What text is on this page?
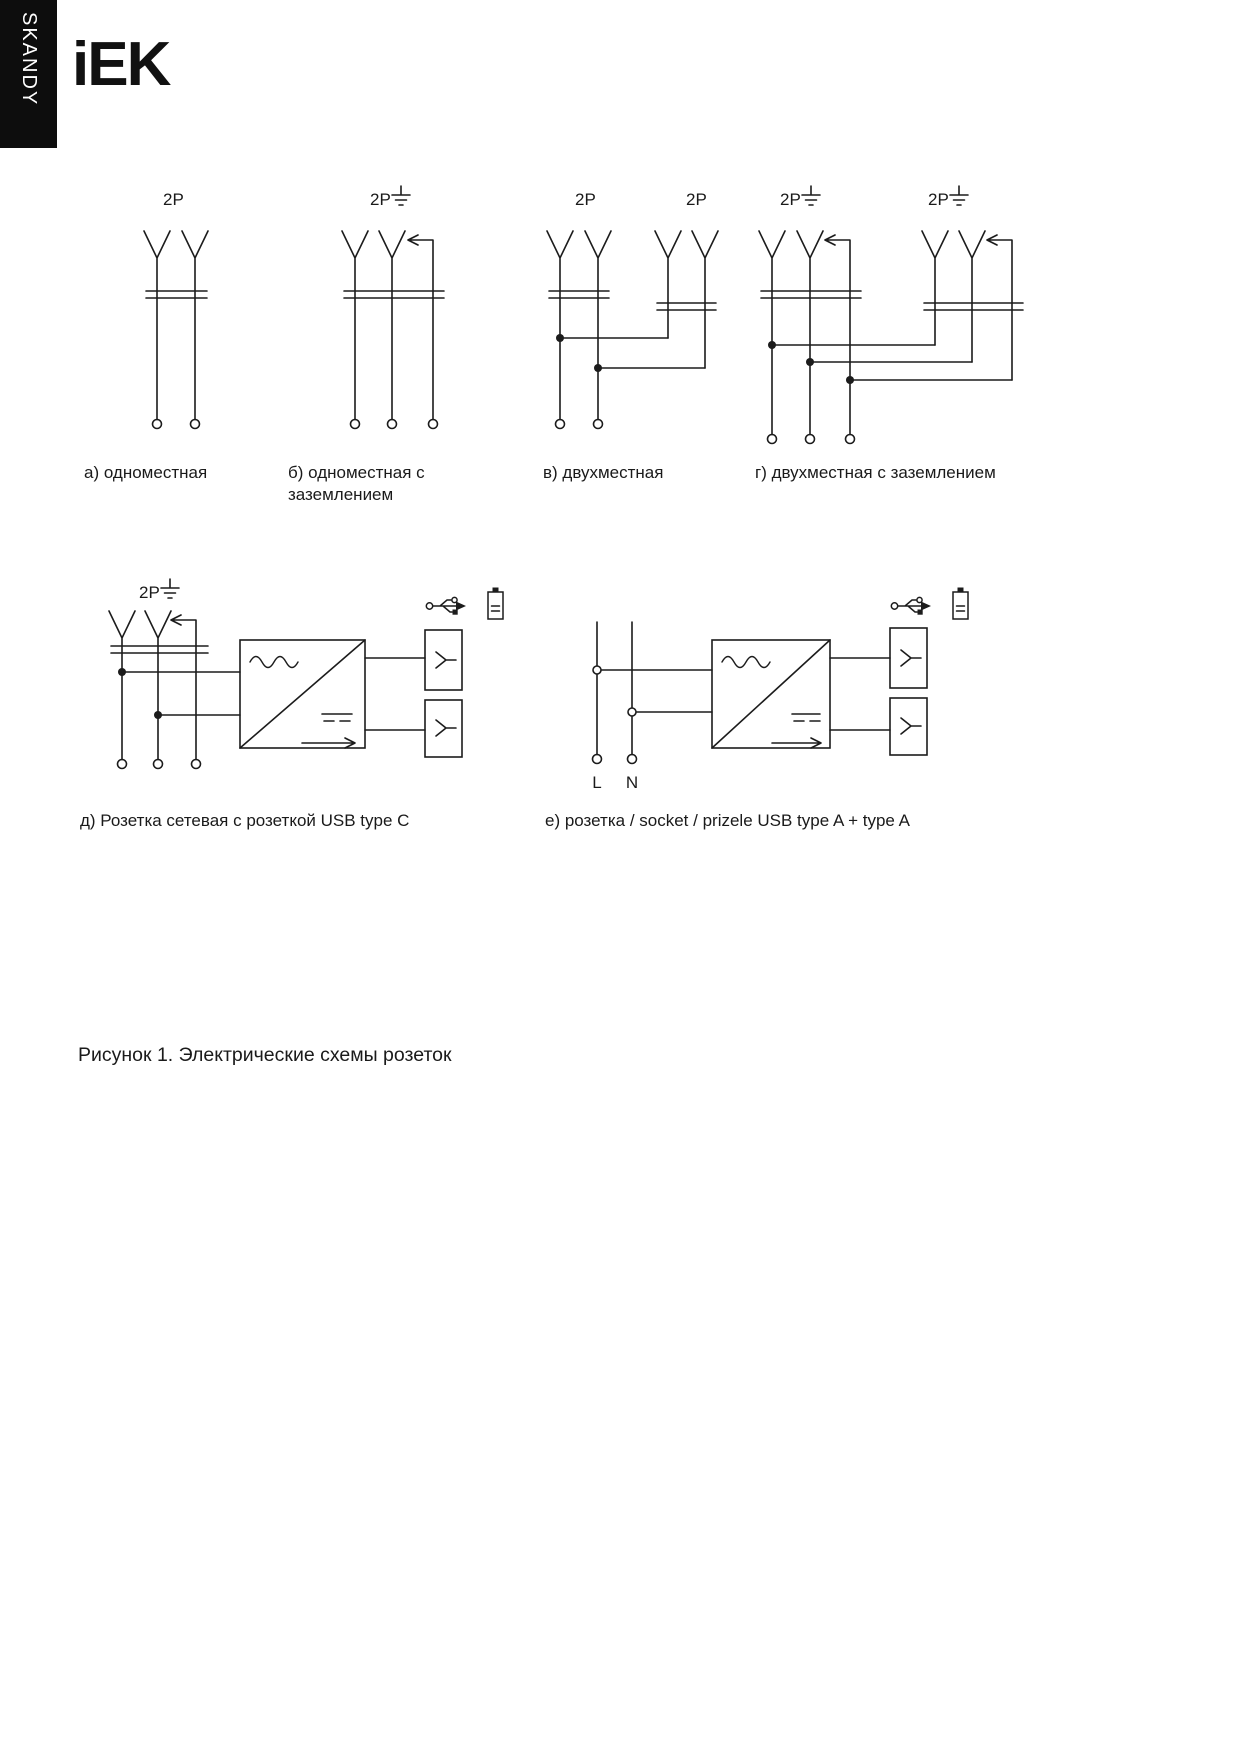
SKANDY iEK
2P	2P	2P	2P	2P	2P
2P
L N
а) одноместная	б) одноместная с заземлением
в) двухместная	г) двухместная с заземлением
д) Розетка сетевая с розеткой USB type C	е) розетка / socket / prizele USB type A + type A
Рисунок 1. Электрические схемы розеток
